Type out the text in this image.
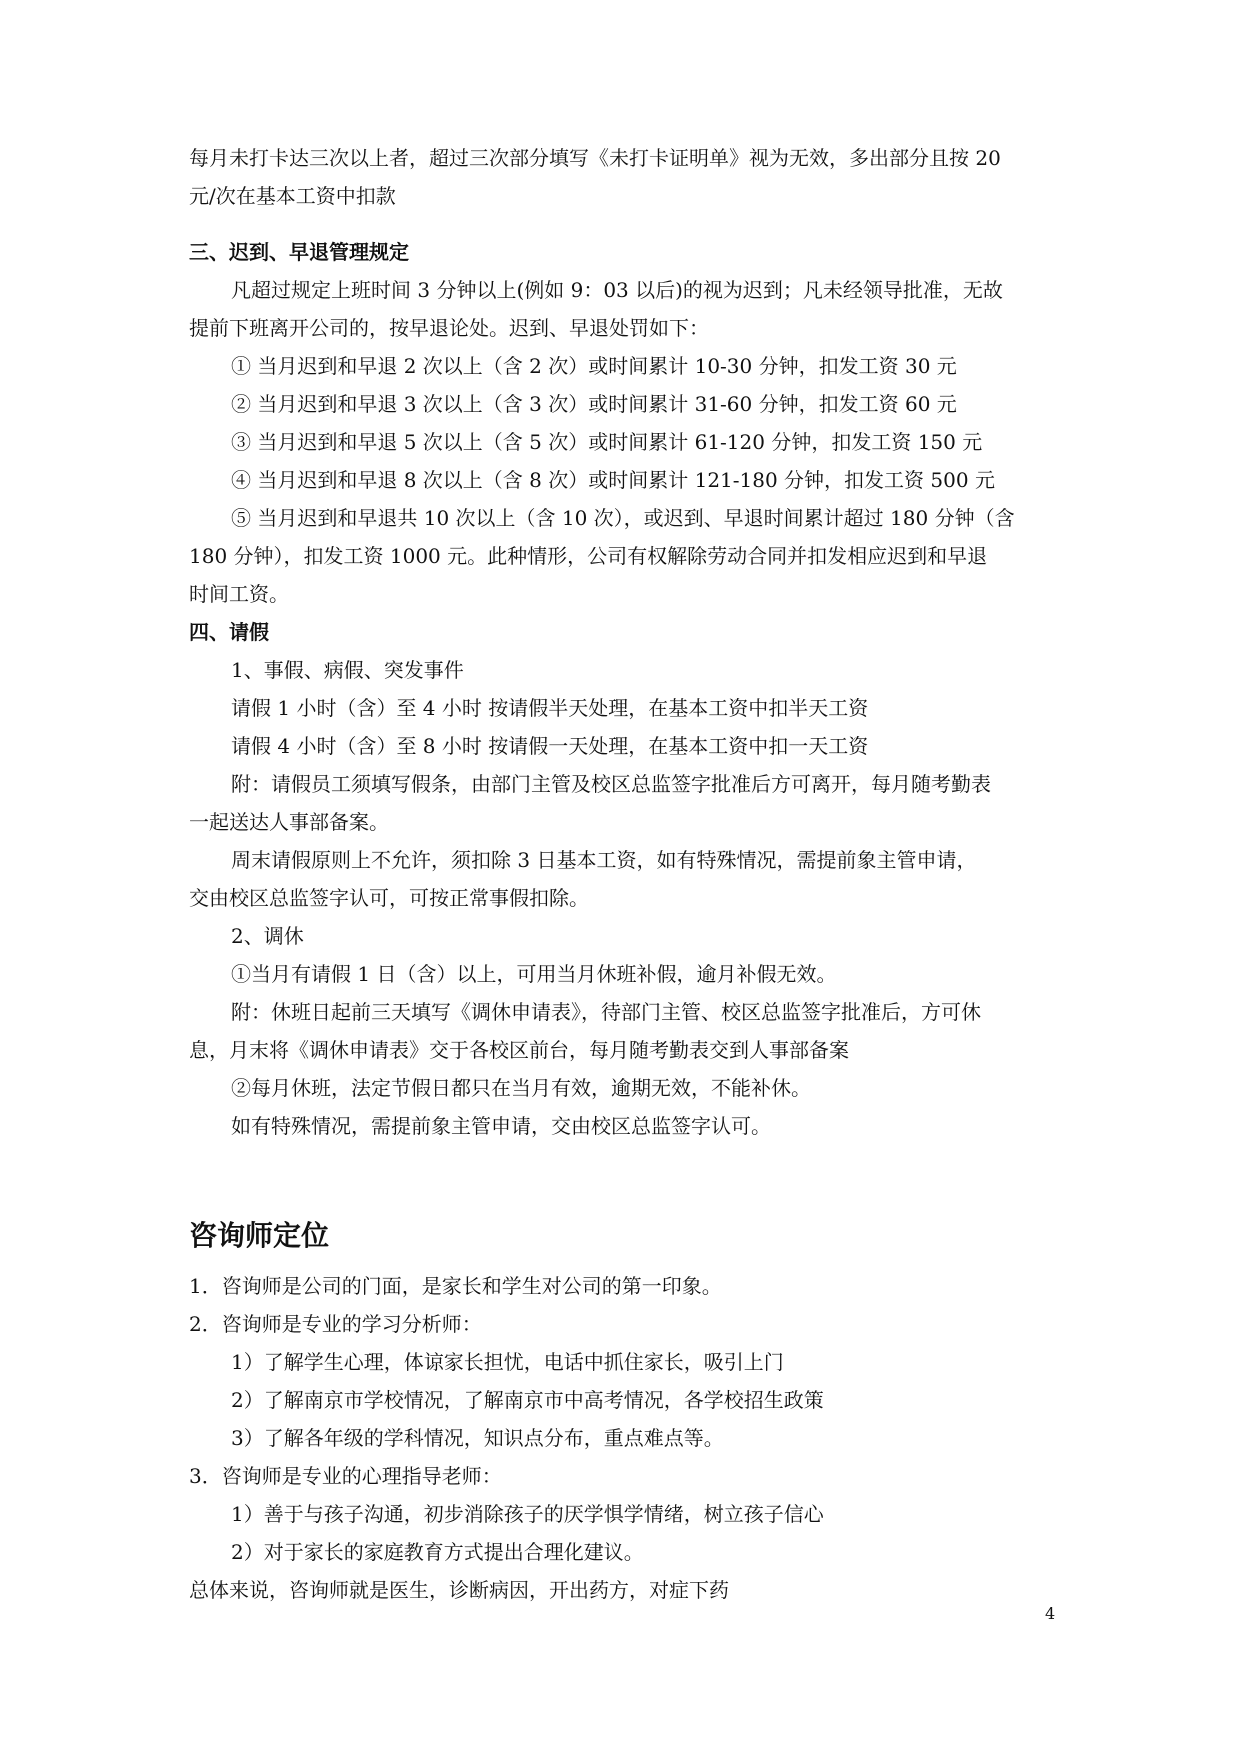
每月未打卡达三次以上者，超过三次部分填写《未打卡证明单》视为无效，多出部分且按 20
元/次在基本工资中扣款
三、迟到、早退管理规定
凡超过规定上班时间 3 分钟以上(例如 9：03 以后)的视为迟到；凡未经领导批准，无故
提前下班离开公司的，按早退论处。迟到、早退处罚如下：
① 当月迟到和早退 2 次以上（含 2 次）或时间累计 10-30 分钟，扣发工资 30 元
② 当月迟到和早退 3 次以上（含 3 次）或时间累计 31-60 分钟，扣发工资 60 元
③ 当月迟到和早退 5 次以上（含 5 次）或时间累计 61-120 分钟，扣发工资 150 元
④ 当月迟到和早退 8 次以上（含 8 次）或时间累计 121-180 分钟，扣发工资 500 元
⑤ 当月迟到和早退共 10 次以上（含 10 次），或迟到、早退时间累计超过 180 分钟（含
180 分钟），扣发工资 1000 元。此种情形，公司有权解除劳动合同并扣发相应迟到和早退
时间工资。
四、请假
1、事假、病假、突发事件
请假 1 小时（含）至 4 小时 按请假半天处理，在基本工资中扣半天工资
请假 4 小时（含）至 8 小时 按请假一天处理，在基本工资中扣一天工资
附：请假员工须填写假条，由部门主管及校区总监签字批准后方可离开，每月随考勤表
一起送达人事部备案。
周末请假原则上不允许，须扣除 3 日基本工资，如有特殊情况，需提前象主管申请，
交由校区总监签字认可，可按正常事假扣除。
2、调休
①当月有请假 1 日（含）以上，可用当月休班补假，逾月补假无效。
附：休班日起前三天填写《调休申请表》，待部门主管、校区总监签字批准后，方可休
息，月末将《调休申请表》交于各校区前台，每月随考勤表交到人事部备案
②每月休班，法定节假日都只在当月有效，逾期无效，不能补休。
如有特殊情况，需提前象主管申请，交由校区总监签字认可。
咨询师定位
1．咨询师是公司的门面，是家长和学生对公司的第一印象。
2．咨询师是专业的学习分析师：
1）了解学生心理，体谅家长担忧，电话中抓住家长，吸引上门
2）了解南京市学校情况，了解南京市中高考情况，各学校招生政策
3）了解各年级的学科情况，知识点分布，重点难点等。
3．咨询师是专业的心理指导老师：
1）善于与孩子沟通，初步消除孩子的厌学惧学情绪，树立孩子信心
2）对于家长的家庭教育方式提出合理化建议。
总体来说，咨询师就是医生，诊断病因，开出药方，对症下药
4
